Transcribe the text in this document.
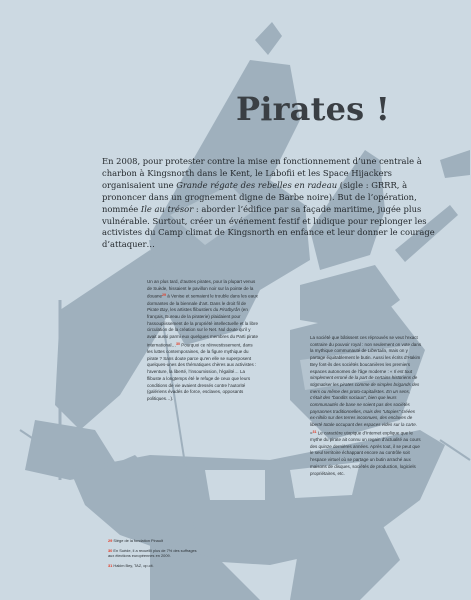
Pirates !

En 2008, pour protester contre la mise en fonctionnement d’une centrale à charbon à Kingsnorth dans le Kent, le Laboﬁi et les Space Hijackers organisaient une Grande régate des rebelles en radeau (sigle : GRRR, à prononcer dans un grognement digne de Barbe noire). But de l’opération, nommée Ile au trésor : aborder l’édifice par sa façade maritime, jugée plus vulnérable. Surtout, créer un événement festif et ludique pour replonger les activistes du Camp climat de Kingsnorth en enfance et leur donner le courage d’attaquer…

Un an plus tard, d’autres pirates, pour la plupart venus de Suède, hissaient le pavillon noir sur la pointe de la douane$^{29}$ à Venise et semaient le trouble dans les eaux dormantes de la biennale d’art. Dans le droit fil de Pirate Bay, les artistes ﬂibustiers du Piratbyrån (en français, Bureau de la piraterie) plaidaient pour l’assouplissement de la propriété intellectuelle et la libre circulation de la création sur le Net. Nul doute qu’il y avait aussi parmi eux quelques membres du Parti pirate international…$^{30}$ Pourquoi ce réinvestissement, dans les luttes contemporaines, de la ﬁgure mythique du pirate ? Sans doute parce qu’en elle se superposent quelques-unes des thématiques chères aux activistes : l’aventure, la liberté, l’insoumission, l’égalité… La ﬂibuste a longtemps été le refuge de ceux que leurs conditions de vie avaient dressés contre l’autorité (galériens évadés de force, esclaves, opposants politiques…).

La société que bâtissent ces réprouvés se veut l’exact contraire du pouvoir royal : non seulement on vote dans la mythique communauté de Libertalia, mais on y partage équitablement le butin. Aussi les écrits d’Hakim Bey font-ils des sociétés boucanières les premiers espaces autonomes de l’âge moderne : « Il est tout simplement erroné de la part de certains historiens de stigmatiser les pirates comme de simples brigands des mers ou même des proto-capitalistes. En un sens, c’était des "bandits sociaux", bien que leurs communautés de base ne soient pas des sociétés paysannes traditionnelles, mais des "utopies" créées ex-nihilo sur des terres inconnues, des enclaves de liberté totale occupant des espaces vides sur la carte. »$^{31}$ Le caractère utopique d’Internet explique que le mythe du pirate ait connu un regain d’actualité au cours des quinze dernières années. Après tout, il se peut que le seul territoire échappant encore au contrôle soit l’espace virtuel où se partage un butin arraché aux maisons de disques, sociétés de production, logiciels propriétaires, etc.

29 Siège de la fondation Pinault

30 En Suède, il a recueilli plus de 7% des suffrages aux élections européennes en 2009.

31 Hakim Bey, TAZ, op.cit.
